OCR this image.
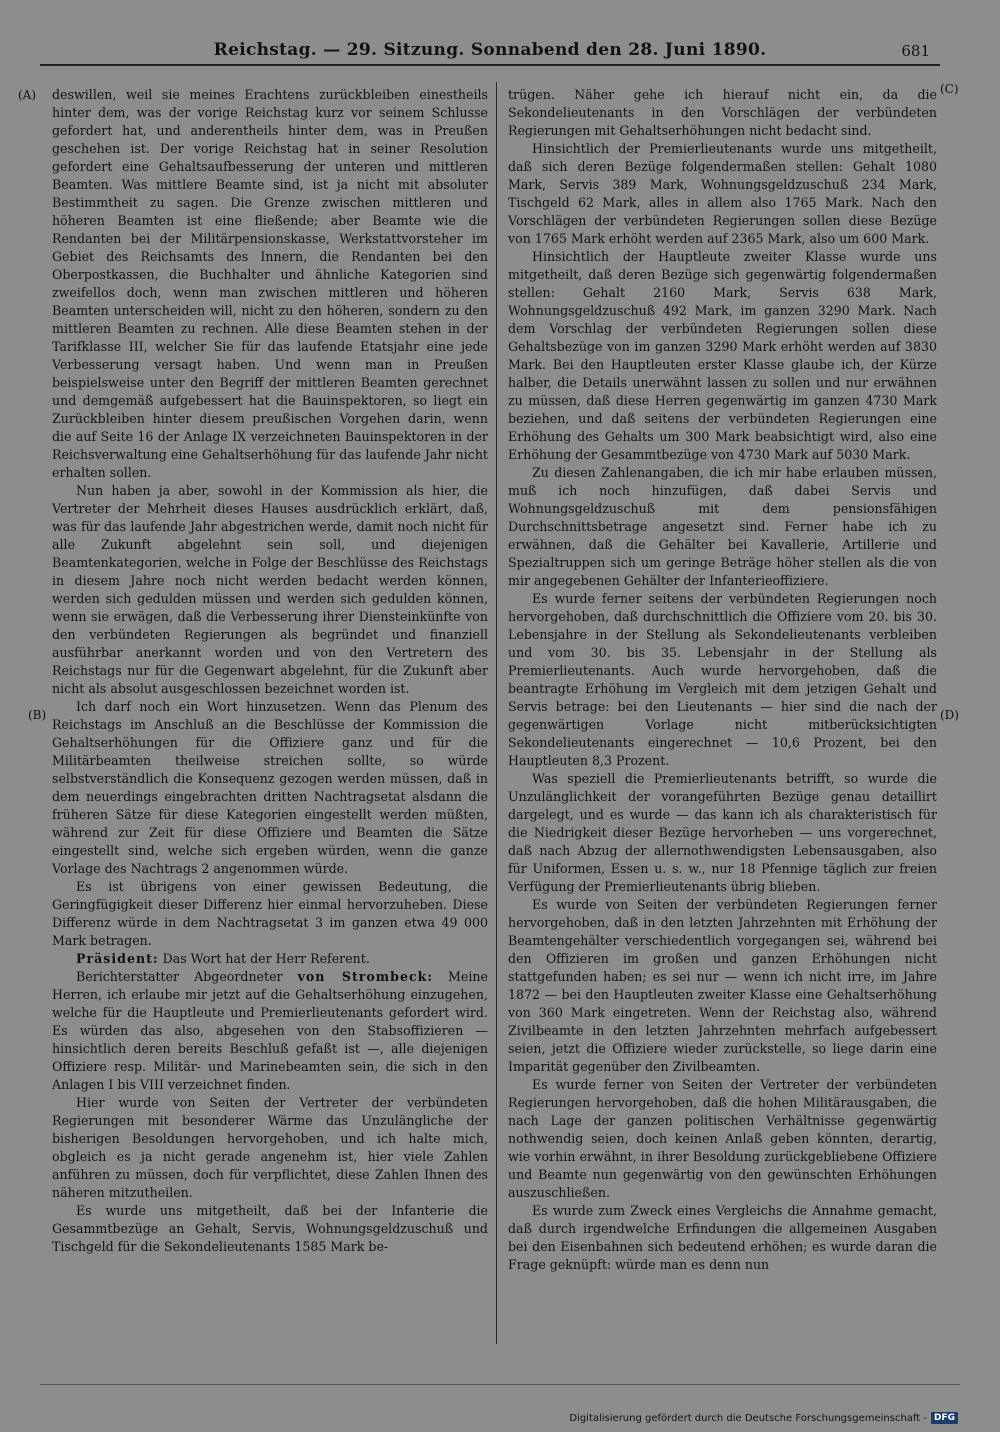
Reichstag. — 29. Sitzung. Sonnabend den 28. Juni 1890.	681
(A)
(B)
(C)
(D)

deswillen, weil sie meines Erachtens zurückbleiben einestheils hinter dem, was der vorige Reichstag kurz vor seinem Schlusse gefordert hat, und anderentheils hinter dem, was in Preußen geschehen ist. Der vorige Reichstag hat in seiner Resolution gefordert eine Gehaltsaufbesserung der unteren und mittleren Beamten. Was mittlere Beamte sind, ist ja nicht mit absoluter Bestimmtheit zu sagen. Die Grenze zwischen mittleren und höheren Beamten ist eine fließende; aber Beamte wie die Rendanten bei der Militärpensionskasse, Werkstattvorsteher im Gebiet des Reichsamts des Innern, die Rendanten bei den Oberpostkassen, die Buchhalter und ähnliche Kategorien sind zweifellos doch, wenn man zwischen mittleren und höheren Beamten unterscheiden will, nicht zu den höheren, sondern zu den mittleren Beamten zu rechnen. Alle diese Beamten stehen in der Tarifklasse III, welcher Sie für das laufende Etatsjahr eine jede Verbesserung versagt haben. Und wenn man in Preußen beispielsweise unter den Begriff der mittleren Beamten gerechnet und demgemäß aufgebessert hat die Bauinspektoren, so liegt ein Zurückbleiben hinter diesem preußischen Vorgehen darin, wenn die auf Seite 16 der Anlage IX verzeichneten Bauinspektoren in der Reichsverwaltung eine Gehaltserhöhung für das laufende Jahr nicht erhalten sollen.

Nun haben ja aber, sowohl in der Kommission als hier, die Vertreter der Mehrheit dieses Hauses ausdrücklich erklärt, daß, was für das laufende Jahr abgestrichen werde, damit noch nicht für alle Zukunft abgelehnt sein soll, und diejenigen Beamtenkategorien, welche in Folge der Beschlüsse des Reichstags in diesem Jahre noch nicht werden bedacht werden können, werden sich gedulden müssen und werden sich gedulden können, wenn sie erwägen, daß die Verbesserung ihrer Diensteinkünfte von den verbündeten Regierungen als begründet und finanziell ausführbar anerkannt worden und von den Vertretern des Reichstags nur für die Gegenwart abgelehnt, für die Zukunft aber nicht als absolut ausgeschlossen bezeichnet worden ist.

Ich darf noch ein Wort hinzusetzen. Wenn das Plenum des Reichstags im Anschluß an die Beschlüsse der Kommission die Gehaltserhöhungen für die Offiziere ganz und für die Militärbeamten theilweise streichen sollte, so würde selbstverständlich die Konsequenz gezogen werden müssen, daß in dem neuerdings eingebrachten dritten Nachtragsetat alsdann die früheren Sätze für diese Kategorien eingestellt werden müßten, während zur Zeit für diese Offiziere und Beamten die Sätze eingestellt sind, welche sich ergeben würden, wenn die ganze Vorlage des Nachtrags 2 angenommen würde.

Es ist übrigens von einer gewissen Bedeutung, die Geringfügigkeit dieser Differenz hier einmal hervorzuheben. Diese Differenz würde in dem Nachtragsetat 3 im ganzen etwa 49 000 Mark betragen.

Präsident: Das Wort hat der Herr Referent.

Berichterstatter Abgeordneter von Strombeck: Meine Herren, ich erlaube mir jetzt auf die Gehaltserhöhung einzugehen, welche für die Hauptleute und Premierlieutenants gefordert wird. Es würden das also, abgesehen von den Stabsoffizieren — hinsichtlich deren bereits Beschluß gefaßt ist —, alle diejenigen Offiziere resp. Militär- und Marinebeamten sein, die sich in den Anlagen I bis VIII verzeichnet finden.

Hier wurde von Seiten der Vertreter der verbündeten Regierungen mit besonderer Wärme das Unzulängliche der bisherigen Besoldungen hervorgehoben, und ich halte mich, obgleich es ja nicht gerade angenehm ist, hier viele Zahlen anführen zu müssen, doch für verpflichtet, diese Zahlen Ihnen des näheren mitzutheilen.

Es wurde uns mitgetheilt, daß bei der Infanterie die Gesammtbezüge an Gehalt, Servis, Wohnungsgeldzuschuß und Tischgeld für die Sekondelieutenants 1585 Mark be-

trügen. Näher gehe ich hierauf nicht ein, da die Sekondelieutenants in den Vorschlägen der verbündeten Regierungen mit Gehaltserhöhungen nicht bedacht sind.

Hinsichtlich der Premierlieutenants wurde uns mitgetheilt, daß sich deren Bezüge folgendermaßen stellen: Gehalt 1080 Mark, Servis 389 Mark, Wohnungsgeldzuschuß 234 Mark, Tischgeld 62 Mark, alles in allem also 1765 Mark. Nach den Vorschlägen der verbündeten Regierungen sollen diese Bezüge von 1765 Mark erhöht werden auf 2365 Mark, also um 600 Mark.

Hinsichtlich der Hauptleute zweiter Klasse wurde uns mitgetheilt, daß deren Bezüge sich gegenwärtig folgendermaßen stellen: Gehalt 2160 Mark, Servis 638 Mark, Wohnungsgeldzuschuß 492 Mark, im ganzen 3290 Mark. Nach dem Vorschlag der verbündeten Regierungen sollen diese Gehaltsbezüge von im ganzen 3290 Mark erhöht werden auf 3830 Mark. Bei den Hauptleuten erster Klasse glaube ich, der Kürze halber, die Details unerwähnt lassen zu sollen und nur erwähnen zu müssen, daß diese Herren gegenwärtig im ganzen 4730 Mark beziehen, und daß seitens der verbündeten Regierungen eine Erhöhung des Gehalts um 300 Mark beabsichtigt wird, also eine Erhöhung der Gesammtbezüge von 4730 Mark auf 5030 Mark.

Zu diesen Zahlenangaben, die ich mir habe erlauben müssen, muß ich noch hinzufügen, daß dabei Servis und Wohnungsgeldzuschuß mit dem pensionsfähigen Durchschnittsbetrage angesetzt sind. Ferner habe ich zu erwähnen, daß die Gehälter bei Kavallerie, Artillerie und Spezialtruppen sich um geringe Beträge höher stellen als die von mir angegebenen Gehälter der Infanterieoffiziere.

Es wurde ferner seitens der verbündeten Regierungen noch hervorgehoben, daß durchschnittlich die Offiziere vom 20. bis 30. Lebensjahre in der Stellung als Sekondelieutenants verbleiben und vom 30. bis 35. Lebensjahr in der Stellung als Premierlieutenants. Auch wurde hervorgehoben, daß die beantragte Erhöhung im Vergleich mit dem jetzigen Gehalt und Servis betrage: bei den Lieutenants — hier sind die nach der gegenwärtigen Vorlage nicht mitberücksichtigten Sekondelieutenants eingerechnet — 10,6 Prozent, bei den Hauptleuten 8,3 Prozent.

Was speziell die Premierlieutenants betrifft, so wurde die Unzulänglichkeit der vorangeführten Bezüge genau detaillirt dargelegt, und es wurde — das kann ich als charakteristisch für die Niedrigkeit dieser Bezüge hervorheben — uns vorgerechnet, daß nach Abzug der allernothwendigsten Lebensausgaben, also für Uniformen, Essen u. s. w., nur 18 Pfennige täglich zur freien Verfügung der Premierlieutenants übrig blieben.

Es wurde von Seiten der verbündeten Regierungen ferner hervorgehoben, daß in den letzten Jahrzehnten mit Erhöhung der Beamtengehälter verschiedentlich vorgegangen sei, während bei den Offizieren im großen und ganzen Erhöhungen nicht stattgefunden haben; es sei nur — wenn ich nicht irre, im Jahre 1872 — bei den Hauptleuten zweiter Klasse eine Gehaltserhöhung von 360 Mark eingetreten. Wenn der Reichstag also, während Zivilbeamte in den letzten Jahrzehnten mehrfach aufgebessert seien, jetzt die Offiziere wieder zurückstelle, so liege darin eine Imparität gegenüber den Zivilbeamten.

Es wurde ferner von Seiten der Vertreter der verbündeten Regierungen hervorgehoben, daß die hohen Militärausgaben, die nach Lage der ganzen politischen Verhältnisse gegenwärtig nothwendig seien, doch keinen Anlaß geben könnten, derartig, wie vorhin erwähnt, in ihrer Besoldung zurückgebliebene Offiziere und Beamte nun gegenwärtig von den gewünschten Erhöhungen auszuschließen.

Es wurde zum Zweck eines Vergleichs die Annahme gemacht, daß durch irgendwelche Erfindungen die allgemeinen Ausgaben bei den Eisenbahnen sich bedeutend erhöhen; es wurde daran die Frage geknüpft: würde man es denn nun

Digitalisierung gefördert durch die Deutsche Forschungsgemeinschaft - DFG
